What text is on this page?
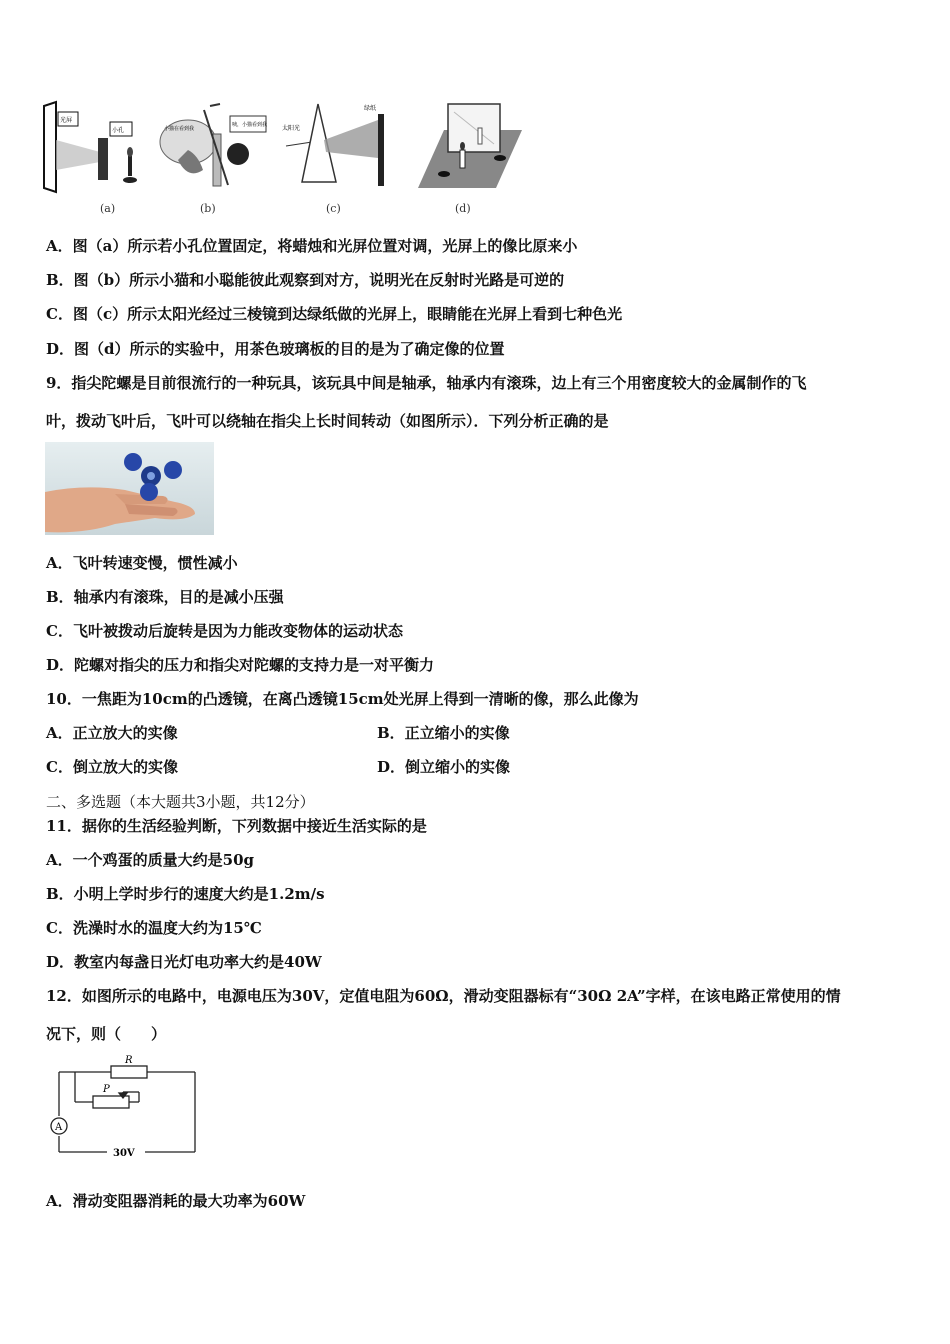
光屏
小孔
(a)
小猫在看到我
咦，小猫看到我
(b)
太阳光
绿纸
(c)	(d)
A．图（a）所示若小孔位置固定，将蜡烛和光屏位置对调，光屏上的像比原来小
B．图（b）所示小猫和小聪能彼此观察到对方，说明光在反射时光路是可逆的
C．图（c）所示太阳光经过三棱镜到达绿纸做的光屏上，眼睛能在光屏上看到七种色光
D．图（d）所示的实验中，用茶色玻璃板的目的是为了确定像的位置
9．指尖陀螺是目前很流行的一种玩具，该玩具中间是轴承，轴承内有滚珠，边上有三个用密度较大的金属制作的飞
叶，拨动飞叶后，飞叶可以绕轴在指尖上长时间转动（如图所示）．下列分析正确的是
A．飞叶转速变慢，惯性减小
B．轴承内有滚珠，目的是减小压强
C．飞叶被拨动后旋转是因为力能改变物体的运动状态
D．陀螺对指尖的压力和指尖对陀螺的支持力是一对平衡力
10．一焦距为10cm的凸透镜，在离凸透镜15cm处光屏上得到一清晰的像，那么此像为
A．正立放大的实像	B．正立缩小的实像
C．倒立放大的实像	D．倒立缩小的实像
二、多选题（本大题共3小题，共12分）
11．据你的生活经验判断，下列数据中接近生活实际的是
A．一个鸡蛋的质量大约是50g
B．小明上学时步行的速度大约是1.2m/s
C．洗澡时水的温度大约为15℃
D．教室内每盏日光灯电功率大约是40W
12．如图所示的电路中，电源电压为30V，定值电阻为60Ω，滑动变阻器标有“30Ω 2A”字样，在该电路正常使用的情
况下，则（　　）
R
P
A
30V
A．滑动变阻器消耗的最大功率为60W
